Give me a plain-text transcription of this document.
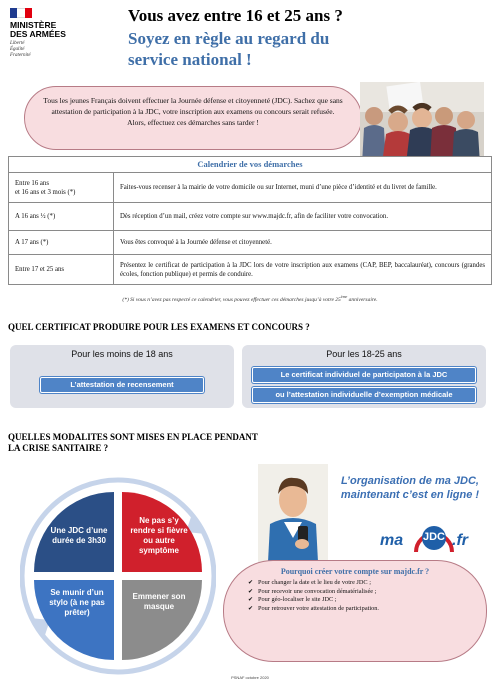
MINISTÈRE
DES ARMÉES
Liberté
Égalité
Fraternité
Vous avez entre 16 et 25 ans ?
Soyez en règle au regard du service national !
Tous les jeunes Français doivent effectuer la Journée défense et citoyenneté (JDC). Sachez que sans attestation de participation à la JDC, votre inscription aux examens ou concours serait refusée. Alors, effectuez ces démarches sans tarder !
Calendrier de vos démarches	
Entre 16 ans
et 16 ans et 3 mois (*)	Faites-vous recenser à la mairie de votre domicile ou sur Internet, muni d’une pièce d’identité et du livret de famille.
A 16 ans ½ (*)	Dès réception d’un mail, créez votre compte sur www.majdc.fr, afin de faciliter votre convocation.
A 17 ans (*)	Vous êtes convoqué à la Journée défense et citoyenneté.
Entre 17 et 25 ans	Présentez le certificat de participation à la JDC lors de votre inscription aux examens (CAP, BEP, baccalauréat), concours (grandes écoles, fonction publique) et permis de conduire.
(*) Si vous n’avez pas respecté ce calendrier, vous pouvez effectuer ces démarches jusqu’à votre 25ème anniversaire.
QUEL CERTIFICAT PRODUIRE POUR LES EXAMENS ET CONCOURS ?
Pour les moins de 18 ans
L’attestation de recensement
Pour les 18-25 ans
Le certificat individuel de participaton à la JDC
ou l’attestation individuelle d’exemption médicale
QUELLES MODALITES SONT MISES EN PLACE PENDANT LA CRISE SANITAIRE ?
Une JDC d’une durée de 3h30
Ne pas s’y rendre si fièvre ou autre symptôme
Se munir d’un stylo (à ne pas prêter)
Emmener son masque
L’organisation de ma JDC,
maintenant c’est en ligne !
ma JDC .fr
Pourquoi créer votre compte sur majdc.fr ?
✔ Pour changer la date et le lieu de votre JDC ;
✔ Pour recevoir une convocation dématérialisée ;
✔ Pour géo-localiser le site JDC ;
✔ Pour retrouver votre attestation de participation.
PSNAF octobre 2020
